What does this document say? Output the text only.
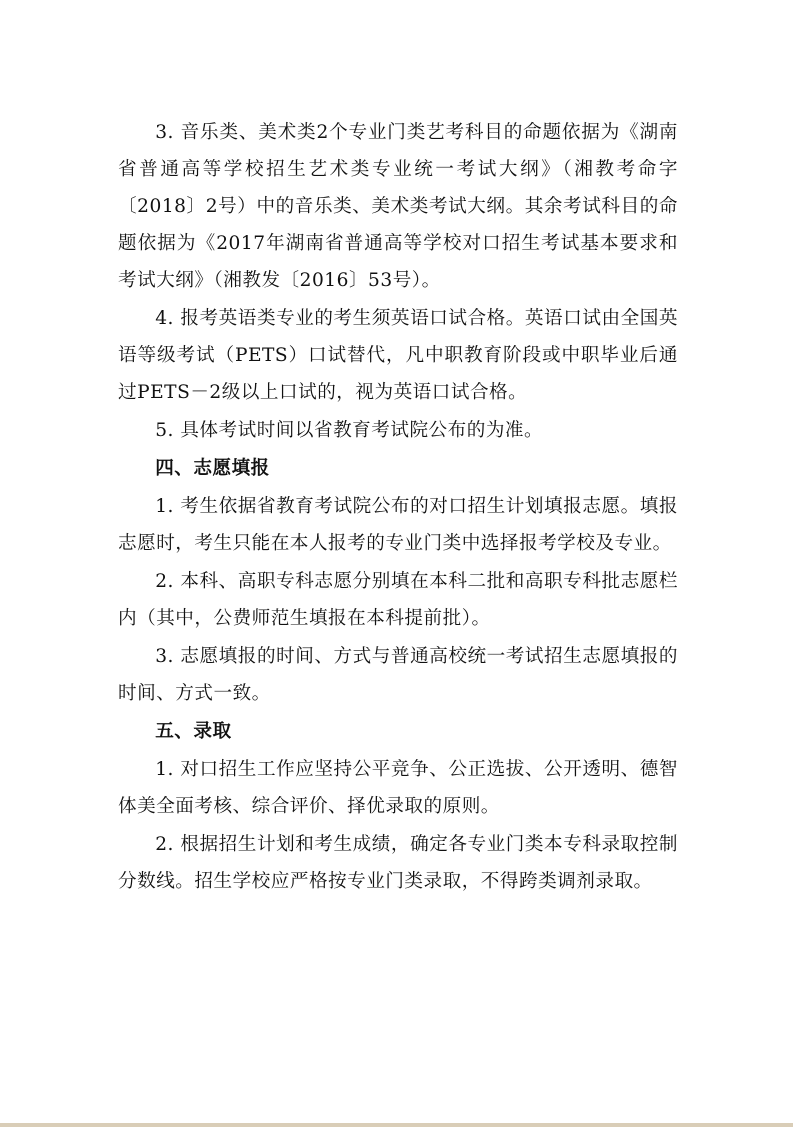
3. 音乐类、美术类2个专业门类艺考科目的命题依据为《湖南省普通高等学校招生艺术类专业统一考试大纲》（湘教考命字〔2018〕2号）中的音乐类、美术类考试大纲。其余考试科目的命题依据为《2017年湖南省普通高等学校对口招生考试基本要求和考试大纲》（湘教发〔2016〕53号）。

4. 报考英语类专业的考生须英语口试合格。英语口试由全国英语等级考试（PETS）口试替代，凡中职教育阶段或中职毕业后通过PETS－2级以上口试的，视为英语口试合格。

5. 具体考试时间以省教育考试院公布的为准。

四、志愿填报

1. 考生依据省教育考试院公布的对口招生计划填报志愿。填报志愿时，考生只能在本人报考的专业门类中选择报考学校及专业。

2. 本科、高职专科志愿分别填在本科二批和高职专科批志愿栏内（其中，公费师范生填报在本科提前批）。

3. 志愿填报的时间、方式与普通高校统一考试招生志愿填报的时间、方式一致。

五、录取

1. 对口招生工作应坚持公平竞争、公正选拔、公开透明、德智体美全面考核、综合评价、择优录取的原则。

2. 根据招生计划和考生成绩，确定各专业门类本专科录取控制分数线。招生学校应严格按专业门类录取，不得跨类调剂录取。
